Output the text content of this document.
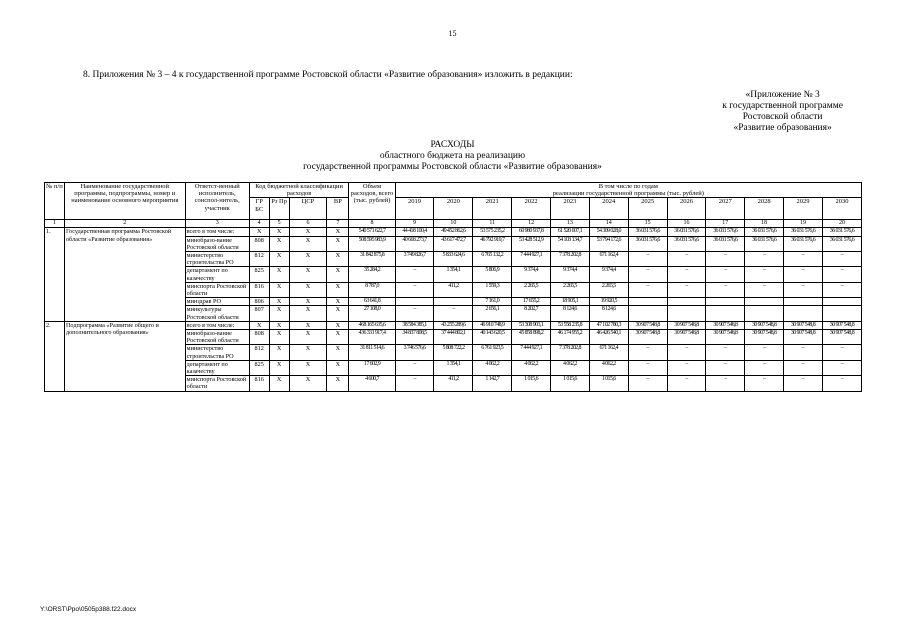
15
8. Приложения № 3 – 4 к государственной программе Ростовской области «Развитие образования» изложить в редакции:
«Приложение № 3
к государственной программе
Ростовской области
«Развитие образования»
РАСХОДЫ
областного бюджета на реализацию
государственной программы Ростовской области «Развитие образования»
№ п/п	Наименование государственной программы, подпрограммы, номер и наименование основного мероприятия	Ответст-венный исполнитель, соиспол-нитель, участник	Код бюджетной классификации расходов				Объем расходов, всего (тыс. рублей)	В том числе по годам
реализации государственной программы (тыс. рублей)											

			ГР БС	Рз Пр	ЦСР	ВР		2019	2020	2021	2022	2023	2024	2025	2026	2027	2028	2029	2030

1	2	3	4	5	6	7	8	9	10	11	12	13	14	15	16	17	18	19	20
1.	Государственная программа Ростовской области «Развитие образования»	всего в том числе:	X	X	X	X	540 571 622,7	44 418 100,4	49 452 862,6	53 575 235,2	60 980 937,8	61 520 007,1	54 309 028,0	36 031 576,6	36 031 576,6	36 031 576,6	36 031 576,6	36 031 576,6	36 031 576,6
		минобразо-вание Ростовской области	808	X	X	X	508 595 983,9	40 668 273,7	43 617 472,7	46 792 919,7	53 428 512,9	54 103 134,7	53 794 172,6	36 031 576,6	36 031 576,6	36 031 576,6	36 031 576,6	36 031 576,6	36 031 576,6
		министерство строительства РО	812	X	X	X	31 842 875,8	3 749 826,7	5 833 624,6	6 765 132,2	7 444 927,1	7 378 202,8	671 162,4	–	–	–	–	–	–
		департамент по казачеству	825	X	X	X	35 284,2	–	1 354,1	5 806,9	9 374,4	9 374,4	9 374,4	–	–	–	–	–	–
		минспорта Ростовской области	816	X	X	X	8 787,0	–	411,2	1 559,3	2 265,5	2 265,5	2 265,5	–	–	–	–	–	–
		минздрав РО	806	X	X	X	63 641,8			7 161,0	17 655,2	18 905,1	19 920,5						
		минкультуры Ростовской области	807	X	X	X	27 108,0	–	–	2 656,1	8 202,7	8 124,6	8 124,6						
2.	Подпрограмма «Развитие общего и дополнительного образования»	всего в том числе:	X	X	X	X	468 165 635,6	38 584 385,1	43 255 289,6	46 910 748,9	53 308 903,1	53 558 235,8	47 102 780,3	30 907 548,8	30 907 548,8	30 907 548,8	30 907 548,8	30 907 548,8	30 907 548,8
		минобразо-вание Ростовской области	808	X	X	X	436 331 917,4	34 837 808,5	37 444 802,1	40 143 620,5	45 858 898,2	46 174 955,2	46 426 540,1	30 907 548,8	30 907 548,8	30 907 548,8	30 907 548,8	30 907 548,8	30 907 548,8
		министерство строительства РО	812	X	X	X	31 811 514,6	3 746 576,6	5 808 722,2	6 761 923,5	7 444 927,1	7 378 202,8	671 162,4	–	–	–	–	–	–
		департамент по казачеству	825	X	X	X	17 602,9	–	1 354,1	4 062,2	4 062,2	4 062,2	4 062,2	–	–	–	–	–	–
		минспорта Ростовской области	816	X	X	X	4 600,7	–	411,2	1 142,7	1 015,6	1 015,6	1 015,6	–	–	–	–	–	–
Y:\ORST\Ppo\0505p388.f22.docx
